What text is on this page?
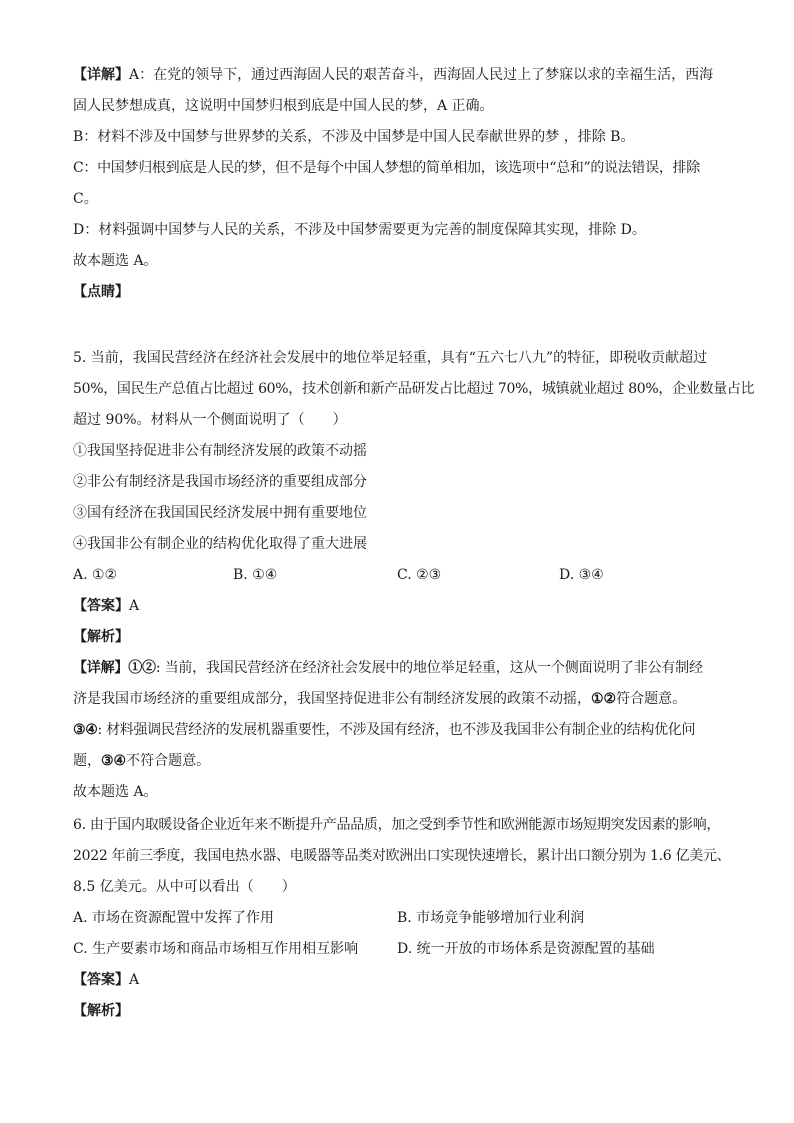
【详解】A：在党的领导下，通过西海固人民的艰苦奋斗，西海固人民过上了梦寐以求的幸福生活，西海
固人民梦想成真，这说明中国梦归根到底是中国人民的梦，A 正确。
B：材料不涉及中国梦与世界梦的关系，不涉及中国梦是中国人民奉献世界的梦 ，排除 B。
C：中国梦归根到底是人民的梦，但不是每个中国人梦想的简单相加，该选项中“总和”的说法错误，排除
C。
D：材料强调中国梦与人民的关系，不涉及中国梦需要更为完善的制度保障其实现，排除 D。
故本题选 A。
【点睛】
5. 当前，我国民营经济在经济社会发展中的地位举足轻重，具有“五六七八九”的特征，即税收贡献超过
50%，国民生产总值占比超过 60%，技术创新和新产品研发占比超过 70%，城镇就业超过 80%，企业数量占比
超过 90%。材料从一个侧面说明了（　　）
①我国坚持促进非公有制经济发展的政策不动摇
②非公有制经济是我国市场经济的重要组成部分
③国有经济在我国国民经济发展中拥有重要地位
④我国非公有制企业的结构优化取得了重大进展
A. ①②	B. ①④	C. ②③	D. ③④
【答案】A
【解析】
【详解】①②: 当前，我国民营经济在经济社会发展中的地位举足轻重，这从一个侧面说明了非公有制经
济是我国市场经济的重要组成部分，我国坚持促进非公有制经济发展的政策不动摇，①②符合题意。
③④: 材料强调民营经济的发展机器重要性，不涉及国有经济，也不涉及我国非公有制企业的结构优化问
题，③④不符合题意。
故本题选 A。
6. 由于国内取暖设备企业近年来不断提升产品品质，加之受到季节性和欧洲能源市场短期突发因素的影响，
2022 年前三季度，我国电热水器、电暖器等品类对欧洲出口实现快速增长，累计出口额分别为 1.6 亿美元、
8.5 亿美元。从中可以看出（　　）
A. 市场在资源配置中发挥了作用	B. 市场竞争能够增加行业利润
C. 生产要素市场和商品市场相互作用相互影响	D. 统一开放的市场体系是资源配置的基础
【答案】A
【解析】
